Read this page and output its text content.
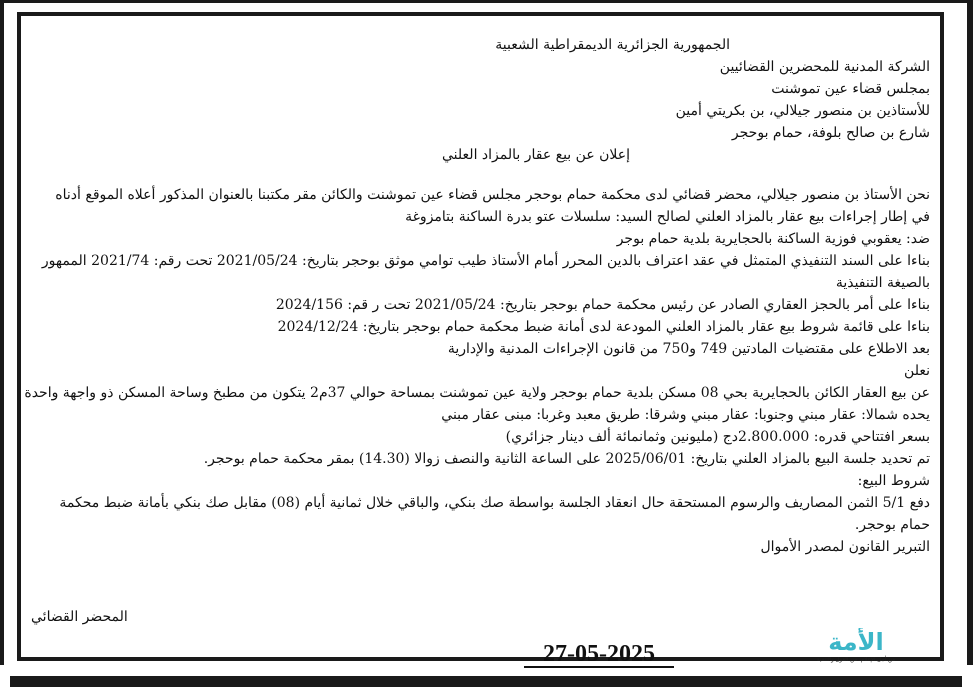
الجمهورية الجزائرية الديمقراطية الشعبية
الشركة المدنية للمحضرين القضائيين
بمجلس قضاء عين تموشنت
للأستاذين بن منصور جيلالي، بن بكريتي أمين
شارع بن صالح بلوفة، حمام بوحجر
إعلان عن بيع عقار بالمزاد العلني
نحن الأستاذ بن منصور جيلالي، محضر قضائي لدى محكمة حمام بوحجر مجلس قضاء عين تموشنت والكائن مقر مكتبنا بالعنوان المذكور أعلاه الموقع أدناه
في إطار إجراءات بيع عقار بالمزاد العلني لصالح السيد: سلسلات عتو بدرة الساكنة بتامزوغة
ضد: يعقوبي فوزية الساكنة بالحجايرية بلدية حمام بوجر
بناءا على السند التنفيذي المتمثل في عقد اعتراف بالدين المحرر أمام الأستاذ طيب توامي موثق بوحجر بتاريخ: 2021/05/24 تحت رقم: 2021/74 الممهور بالصيغة التنفيذية
بناءا على أمر بالحجز العقاري الصادر عن رئيس محكمة حمام بوحجر بتاريخ: 2021/05/24 تحت ر قم: 2024/156
بناءا على قائمة شروط بيع عقار بالمزاد العلني المودعة لدى أمانة ضبط محكمة حمام بوحجر بتاريخ: 2024/12/24
بعد الاطلاع على مقتضيات المادتين 749 و750 من قانون الإجراءات المدنية والإدارية
نعلن
عن بيع العقار الكائن بالحجايرية بحي 08 مسكن بلدية حمام بوحجر ولاية عين تموشنت بمساحة حوالي 37م2 يتكون من مطبخ وساحة المسكن ذو واجهة واحدة
يحده شمالا: عقار مبني وجنوبا: عقار مبني وشرقا: طريق معبد وغربا: مبنى عقار مبني
بسعر افتتاحي قدره: 2.800.000دج (مليونين وثمانمائة ألف دينار جزائري)
تم تحديد جلسة البيع بالمزاد العلني بتاريخ: 2025/06/01 على الساعة الثانية والنصف زوالا (14.30) بمقر محكمة حمام بوحجر.
شروط البيع:
دفع 5/1 الثمن المصاريف والرسوم المستحقة حال انعقاد الجلسة بواسطة صك بنكي، والباقي خلال ثمانية أيام (08) مقابل صك بنكي بأمانة ضبط محكمة حمام بوحجر.
التبرير القانون لمصدر الأموال
المحضر القضائي
27-05-2025	الأمة
من أجل الإعلام، من القول والتنمية
